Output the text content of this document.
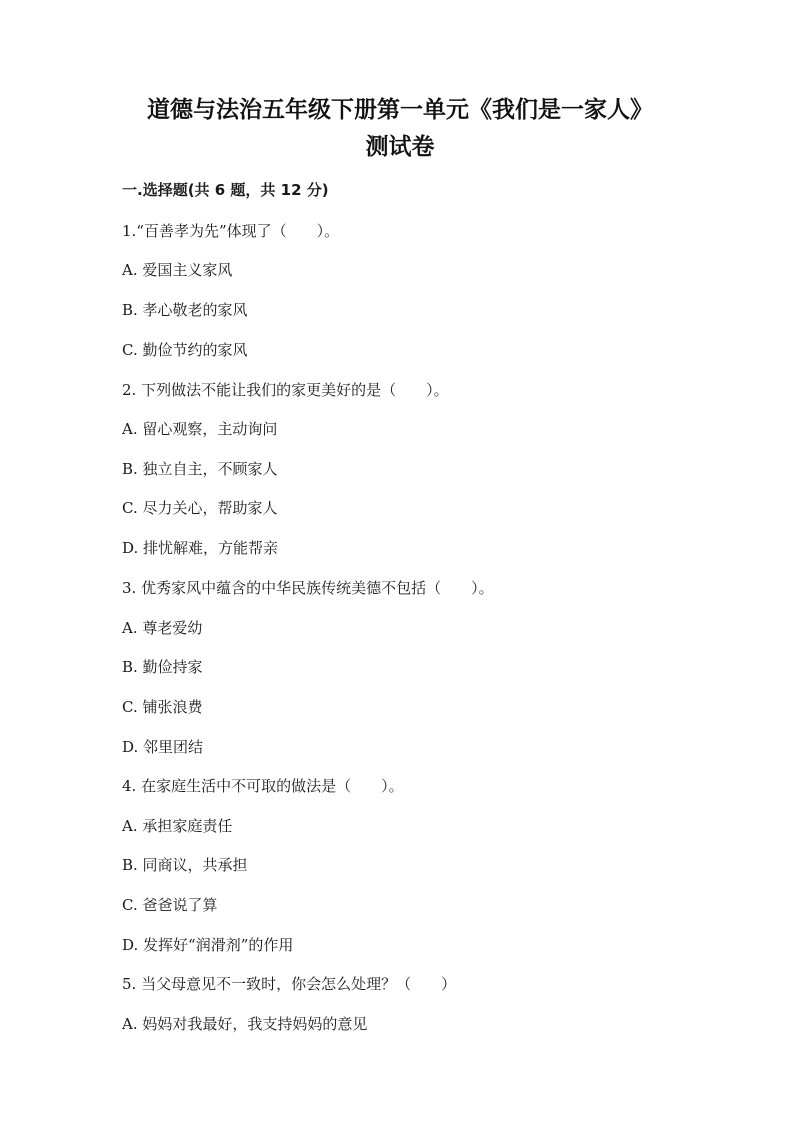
道德与法治五年级下册第一单元《我们是一家人》
测试卷
一.选择题(共 6 题，共 12 分)
1.“百善孝为先”体现了（　　）。
A. 爱国主义家风
B. 孝心敬老的家风
C. 勤俭节约的家风
2. 下列做法不能让我们的家更美好的是（　　）。
A. 留心观察，主动询问
B. 独立自主，不顾家人
C. 尽力关心，帮助家人
D. 排忧解难，方能帮亲
3. 优秀家风中蕴含的中华民族传统美德不包括（　　）。
A. 尊老爱幼
B. 勤俭持家
C. 铺张浪费
D. 邻里团结
4. 在家庭生活中不可取的做法是（　　）。
A. 承担家庭责任
B. 同商议，共承担
C. 爸爸说了算
D. 发挥好“润滑剂”的作用
5. 当父母意见不一致时，你会怎么处理？（　　）
A. 妈妈对我最好，我支持妈妈的意见
